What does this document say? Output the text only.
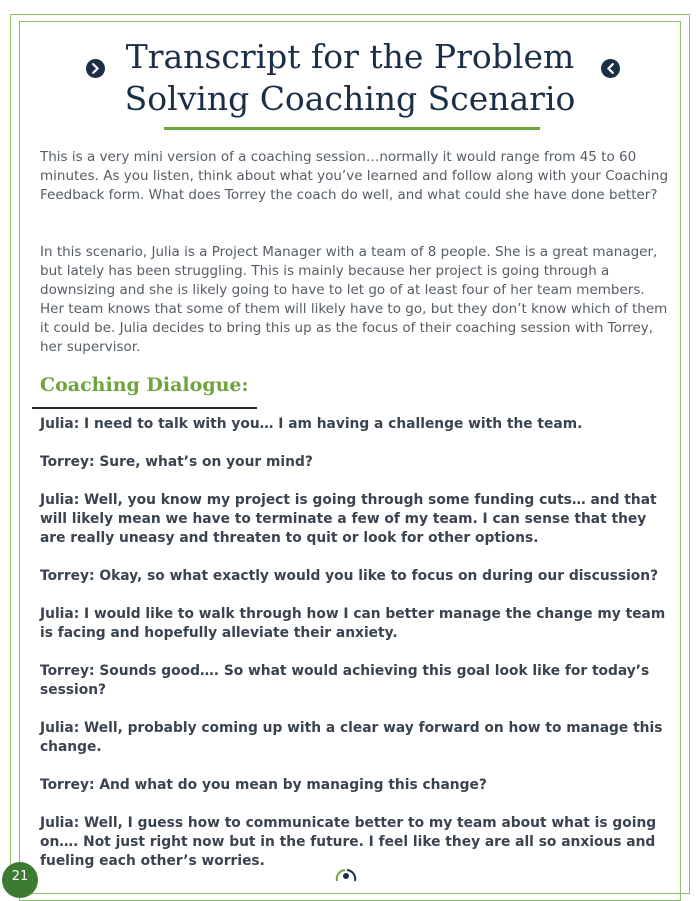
Transcript for the Problem
Solving Coaching Scenario

This is a very mini version of a coaching session…normally it would range from 45 to 60 minutes. As you listen, think about what you’ve learned and follow along with your Coaching Feedback form. What does Torrey the coach do well, and what could she have done better?

In this scenario, Julia is a Project Manager with a team of 8 people. She is a great manager, but lately has been struggling. This is mainly because her project is going through a downsizing and she is likely going to have to let go of at least four of her team members. Her team knows that some of them will likely have to go, but they don’t know which of them it could be. Julia decides to bring this up as the focus of their coaching session with Torrey, her supervisor.

Coaching Dialogue:
Julia: I need to talk with you… I am having a challenge with the team.
Torrey: Sure, what’s on your mind?
Julia: Well, you know my project is going through some funding cuts… and that will likely mean we have to terminate a few of my team. I can sense that they are really uneasy and threaten to quit or look for other options.
Torrey: Okay, so what exactly would you like to focus on during our discussion?
Julia: I would like to walk through how I can better manage the change my team is facing and hopefully alleviate their anxiety.
Torrey: Sounds good…. So what would achieving this goal look like for today’s session?
Julia: Well, probably coming up with a clear way forward on how to manage this change.
Torrey: And what do you mean by managing this change?
Julia: Well, I guess how to communicate better to my team about what is going on…. Not just right now but in the future. I feel like they are all so anxious and fueling each other’s worries.
21
